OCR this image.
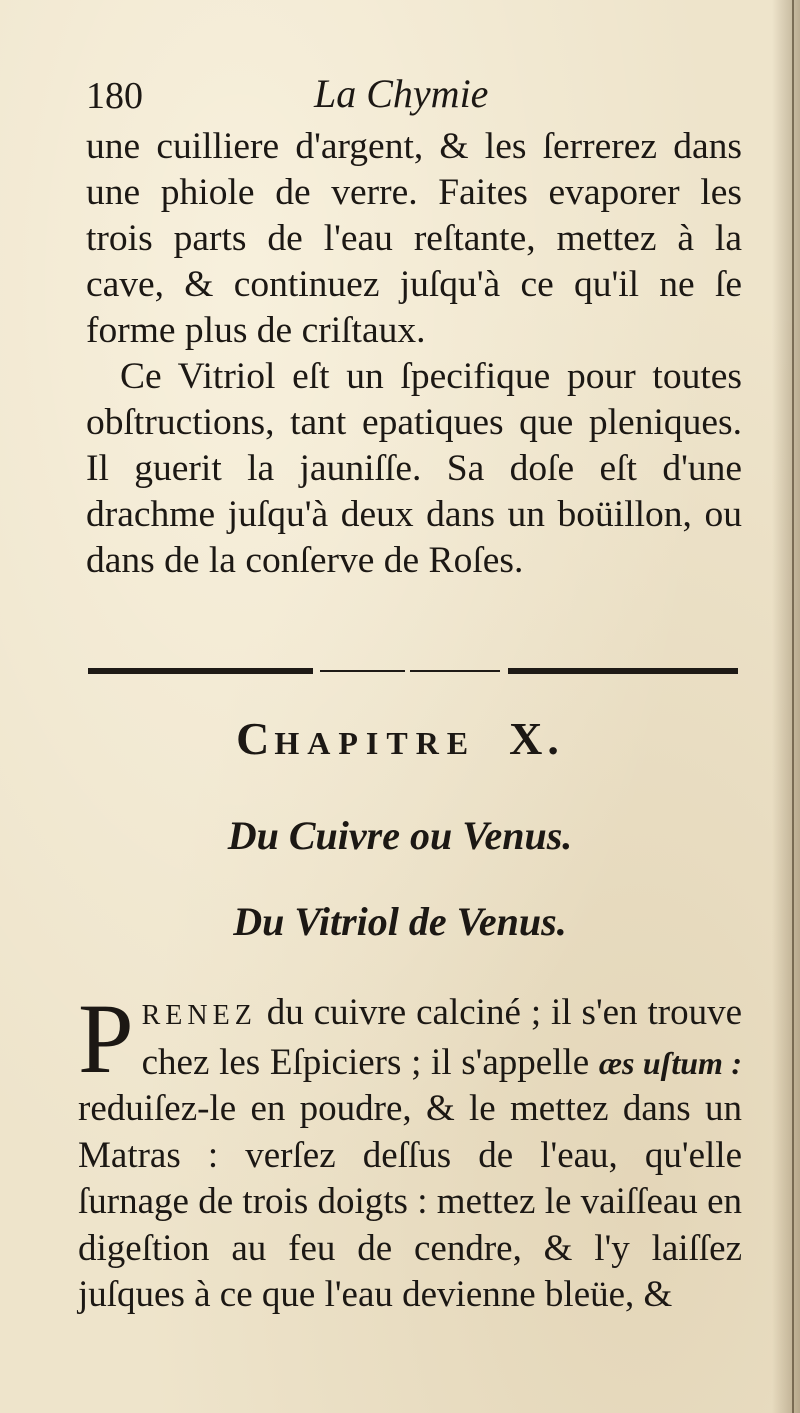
180	La Chymie

une cuilliere d'argent, & les ſerrerez dans une phiole de verre. Faites evaporer les trois parts de l'eau reſtante, mettez à la cave, & continuez juſqu'à ce qu'il ne ſe forme plus de criſtaux.

Ce Vitriol eſt un ſpecifique pour toutes obſtructions, tant epatiques que pleniques. Il guerit la jauniſſe. Sa doſe eſt d'une drachme juſqu'à deux dans un boüillon, ou dans de la conſerve de Roſes.

CHAPITRE X.
Du Cuivre ou Venus.
Du Vitriol de Venus.

PRENEZ du cuivre calciné ; il s'en trouve chez les Eſpiciers ; il s'appelle æs uſtum : reduiſez-le en poudre, & le mettez dans un Matras : verſez deſſus de l'eau, qu'elle ſurnage de trois doigts : mettez le vaiſſeau en digeſtion au feu de cendre, & l'y laiſſez juſques à ce que l'eau devienne bleüe, &
